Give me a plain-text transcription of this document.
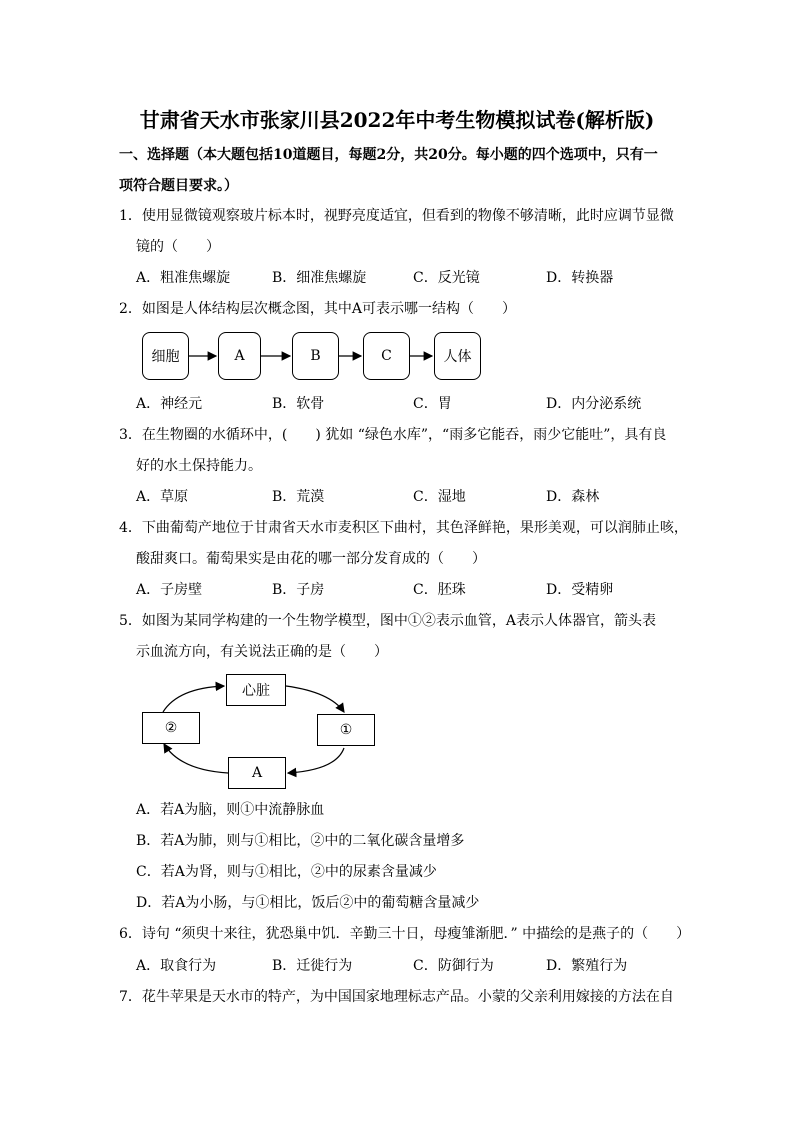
甘肃省天水市张家川县2022年中考生物模拟试卷(解析版)
一、选择题（本大题包括10道题目，每题2分，共20分。每小题的四个选项中，只有一
项符合题目要求。）
1．使用显微镜观察玻片标本时，视野亮度适宜，但看到的物像不够清晰，此时应调节显微
镜的（　　）
A．粗准焦螺旋	B．细准焦螺旋	C．反光镜	D．转换器
2．如图是人体结构层次概念图，其中A可表示哪一结构（　　）
细胞	A	B	C	人体
A．神经元	B．软骨	C．胃	D．内分泌系统
3．在生物圈的水循环中，(　　) 犹如 “绿色水库”，“雨多它能吞，雨少它能吐”，具有良
好的水土保持能力。
A．草原	B．荒漠	C．湿地	D．森林
4．下曲葡萄产地位于甘肃省天水市麦积区下曲村，其色泽鲜艳，果形美观，可以润肺止咳，
酸甜爽口。葡萄果实是由花的哪一部分发育成的（　　）
A．子房壁	B．子房	C．胚珠	D．受精卵
5．如图为某同学构建的一个生物学模型，图中①②表示血管，A表示人体器官，箭头表
示血流方向，有关说法正确的是（　　）
心脏
②	①
A
A．若A为脑，则①中流静脉血
B．若A为肺，则与①相比，②中的二氧化碳含量增多
C．若A为肾，则与①相比，②中的尿素含量减少
D．若A为小肠，与①相比，饭后②中的葡萄糖含量减少
6．诗句 “须臾十来往，犹恐巢中饥．辛勤三十日，母瘦雏渐肥．” 中描绘的是燕子的（　　）
A．取食行为	B．迁徙行为	C．防御行为	D．繁殖行为
7．花牛苹果是天水市的特产，为中国国家地理标志产品。小蒙的父亲利用嫁接的方法在自
